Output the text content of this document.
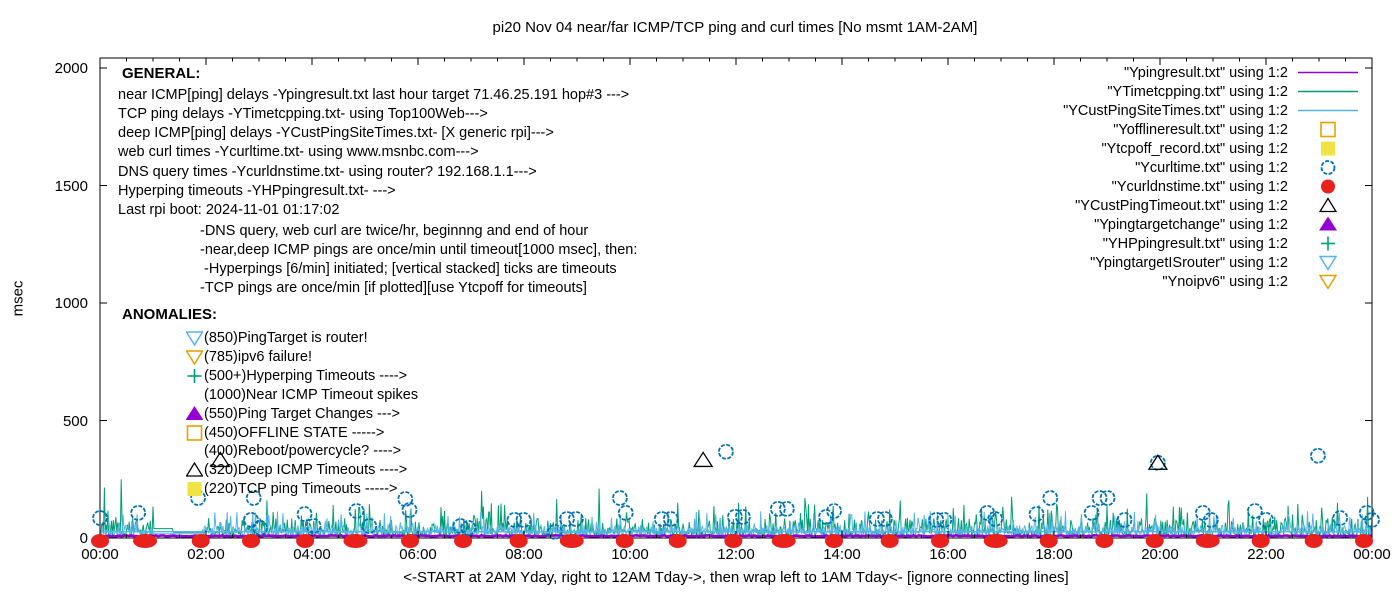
pi20 Nov 04 near/far ICMP/TCP ping and curl times [No msmt 1AM-2AM]
msec
<-START at 2AM Yday, right to 12AM Tday->, then wrap left to 1AM Tday<- [ignore connecting lines]
0
500
1000
1500
2000
00:00	02:00	04:00	06:00	08:00	10:00	12:00	14:00	16:00	18:00	20:00	22:00	00:00
GENERAL:
near ICMP[ping] delays -Ypingresult.txt last hour target 71.46.25.191 hop#3 --->
TCP ping delays -YTimetcpping.txt- using Top100Web--->
deep ICMP[ping] delays -YCustPingSiteTimes.txt- [X generic rpi]--->
web curl times -Ycurltime.txt- using www.msnbc.com--->
DNS query times -Ycurldnstime.txt- using router? 192.168.1.1--->
Hyperping timeouts -YHPpingresult.txt- --->
Last rpi boot: 2024-11-01 01:17:02
-DNS query, web curl are twice/hr, beginnng and end of hour
-near,deep ICMP pings are once/min until timeout[1000 msec], then:
-Hyperpings [6/min] initiated; [vertical stacked] ticks are timeouts
-TCP pings are once/min [if plotted][use Ytcpoff for timeouts]
ANOMALIES:
(850)PingTarget is router!
(785)ipv6 failure!
(500+)Hyperping Timeouts ---->
(1000)Near ICMP Timeout spikes
(550)Ping Target Changes --->
(450)OFFLINE STATE ----->
(400)Reboot/powercycle? ---->
(320)Deep ICMP Timeouts ---->
(220)TCP ping Timeouts ----->
"Ypingresult.txt" using 1:2
"YTimetcpping.txt" using 1:2
"YCustPingSiteTimes.txt" using 1:2
"Yofflineresult.txt" using 1:2
"Ytcpoff_record.txt" using 1:2
"Ycurltime.txt" using 1:2
"Ycurldnstime.txt" using 1:2
"YCustPingTimeout.txt" using 1:2
"Ypingtargetchange" using 1:2
"YHPpingresult.txt" using 1:2
"YpingtargetISrouter" using 1:2
"Ynoipv6" using 1:2
